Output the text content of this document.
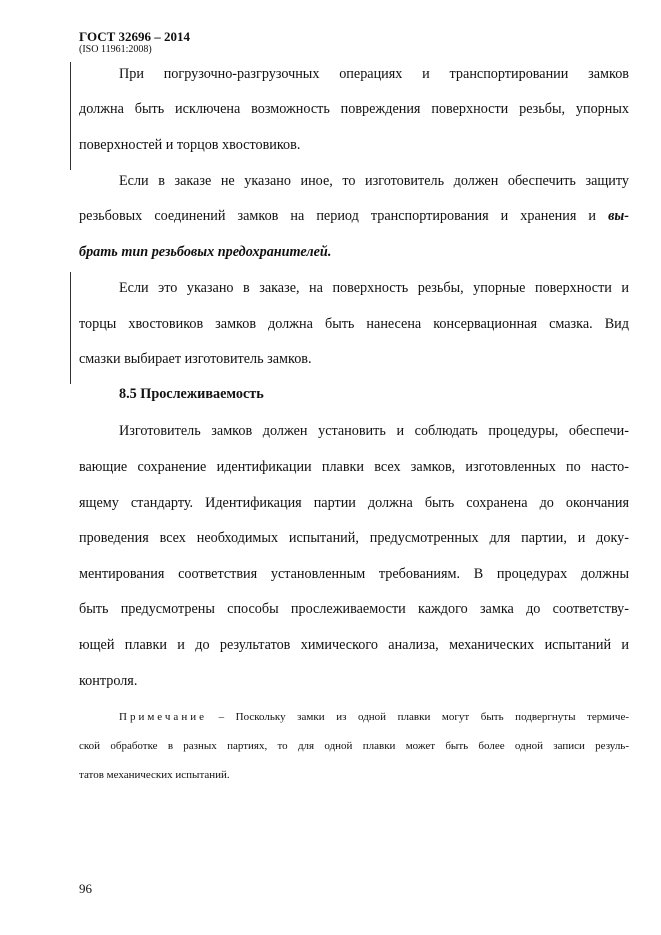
ГОСТ 32696 – 2014
(ISO 11961:2008)
При погрузочно-разгрузочных операциях и транспортировании замков
должна быть исключена возможность повреждения поверхности резьбы, упорных
поверхностей и торцов хвостовиков.
Если в заказе не указано иное, то изготовитель должен обеспечить защиту
резьбовых соединений замков на период транспортирования и хранения и вы-
брать тип резьбовых предохранителей.
Если это указано в заказе, на поверхность резьбы, упорные поверхности и
торцы хвостовиков замков должна быть нанесена консервационная смазка. Вид
смазки выбирает изготовитель замков.
8.5 Прослеживаемость
Изготовитель замков должен установить и соблюдать процедуры, обеспечи-
вающие сохранение идентификации плавки всех замков, изготовленных по насто-
ящему стандарту. Идентификация партии должна быть сохранена до окончания
проведения всех необходимых испытаний, предусмотренных для партии, и доку-
ментирования соответствия установленным требованиям. В процедурах должны
быть предусмотрены способы прослеживаемости каждого замка до соответству-
ющей плавки и до результатов химического анализа, механических испытаний и
контроля.
Примечание – Поскольку замки из одной плавки могут быть подвергнуты термиче-
ской обработке в разных партиях, то для одной плавки может быть более одной записи резуль-
татов механических испытаний.
96
